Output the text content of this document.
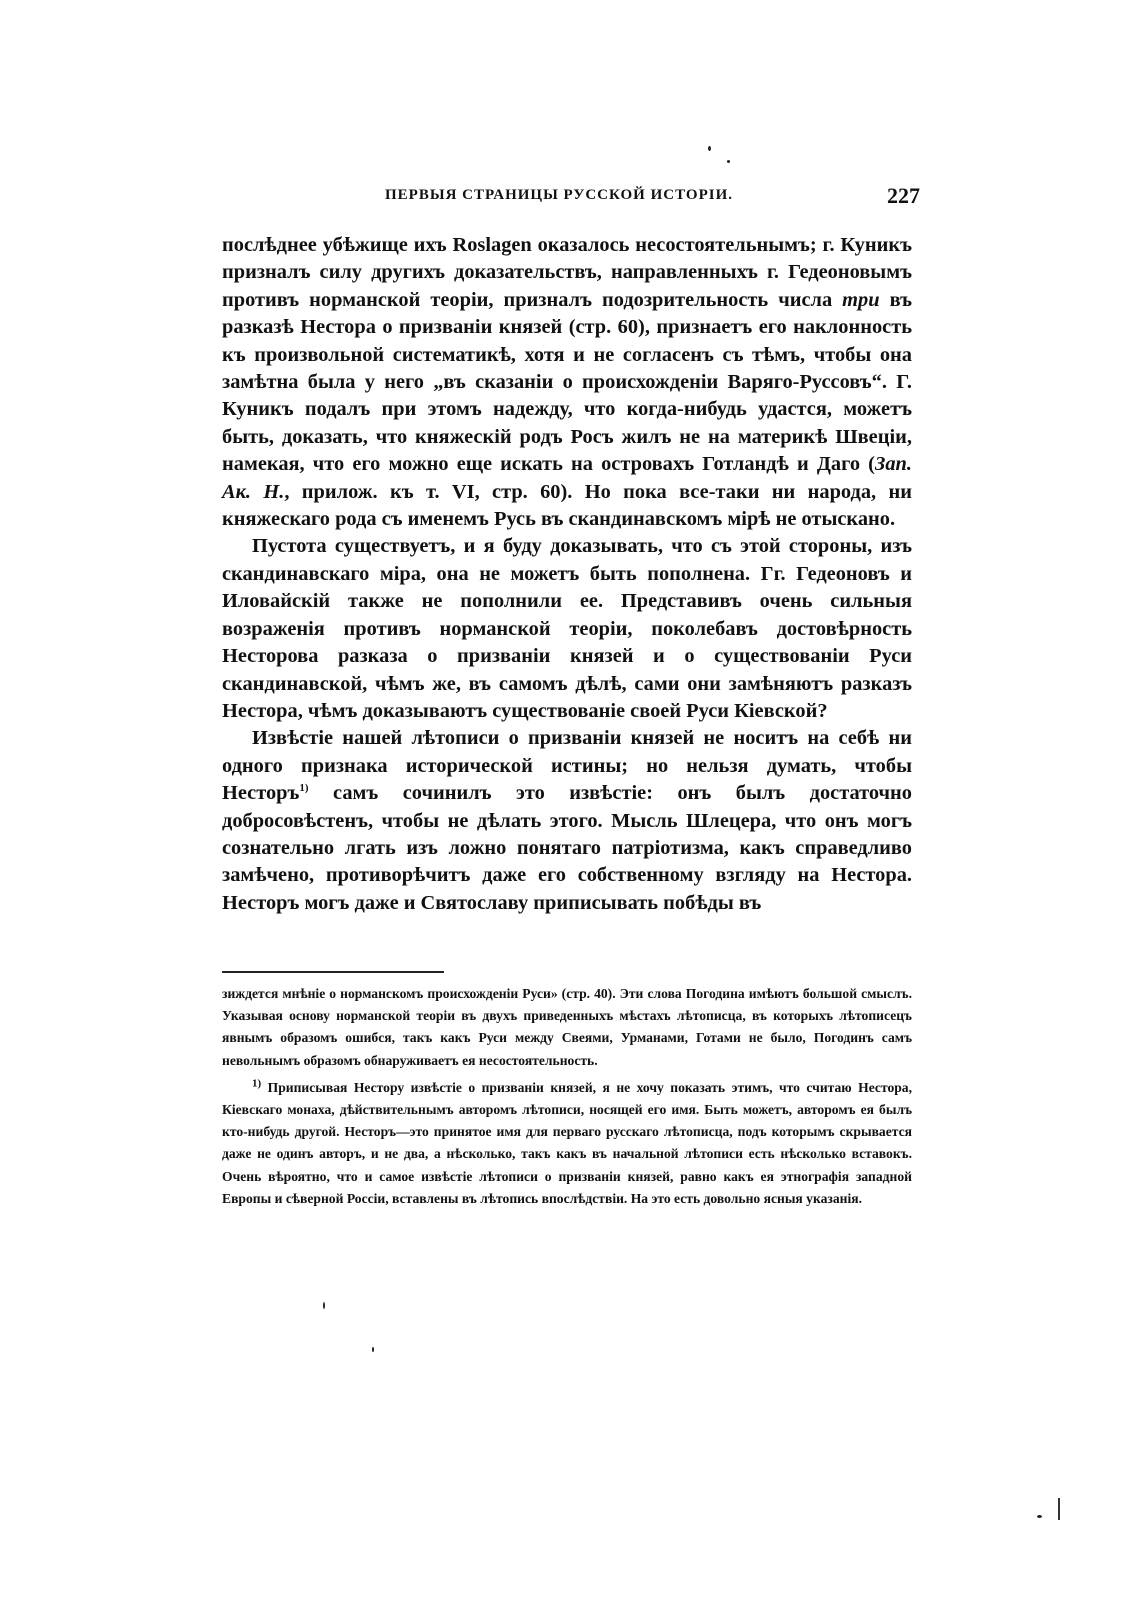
ПЕРВЫЯ СТРАНИЦЫ РУССКОЙ ИСТОРІИ.	227

послѣднее убѣжище ихъ Roslagen оказалось несостоятельнымъ; г. Куникъ призналъ силу другихъ доказательствъ, направленныхъ г. Гедеоновымъ противъ норманской теоріи, призналъ подозрительность числа три въ разказѣ Нестора о призваніи князей (стр. 60), признаетъ его наклонность къ произвольной систематикѣ, хотя и не согласенъ съ тѣмъ, чтобы она замѣтна была у него „въ сказаніи о происхожденіи Варяго-Руссовъ“. Г. Куникъ подалъ при этомъ надежду, что когда-нибудь удастся, можетъ быть, доказать, что княжескій родъ Росъ жилъ не на материкѣ Швеціи, намекая, что его можно еще искать на островахъ Готландѣ и Даго (Зап. Ак. Н., прилож. къ т. VI, стр. 60). Но пока все-таки ни народа, ни княжескаго рода съ именемъ Русь въ скандинавскомъ мірѣ не отыскано.

Пустота существуетъ, и я буду доказывать, что съ этой стороны, изъ скандинавскаго міра, она не можетъ быть пополнена. Гг. Гедеоновъ и Иловайскій также не пополнили ее. Представивъ очень сильныя возраженія противъ норманской теоріи, поколебавъ достовѣрность Несторова разказа о призваніи князей и о существованіи Руси скандинавской, чѣмъ же, въ самомъ дѣлѣ, сами они замѣняютъ разказъ Нестора, чѣмъ доказываютъ существованіе своей Руси Кіевской?

Извѣстіе нашей лѣтописи о призваніи князей не носитъ на себѣ ни одного признака исторической истины; но нельзя думать, чтобы Несторъ$^{1)}$ самъ сочинилъ это извѣстіе: онъ былъ достаточно добросовѣстенъ, чтобы не дѣлать этого. Мысль Шлецера, что онъ могъ сознательно лгать изъ ложно понятаго патріотизма, какъ справедливо замѣчено, противорѣчитъ даже его собственному взгляду на Нестора. Несторъ могъ даже и Святославу приписывать побѣды въ

зиждется мнѣніе о норманскомъ происхожденіи Руси» (стр. 40). Эти слова Погодина имѣютъ большой смыслъ. Указывая основу норманской теоріи въ двухъ приведенныхъ мѣстахъ лѣтописца, въ которыхъ лѣтописецъ явнымъ образомъ ошибся, такъ какъ Руси между Свеями, Урманами, Готами не было, Погодинъ самъ невольнымъ образомъ обнаруживаетъ ея несостоятельность.

$^{1)}$ Приписывая Нестору извѣстіе о призваніи князей, я не хочу показать этимъ, что считаю Нестора, Кіевскаго монаха, дѣйствительнымъ авторомъ лѣтописи, носящей его имя. Быть можетъ, авторомъ ея былъ кто-нибудь другой. Несторъ—это принятое имя для перваго русскаго лѣтописца, подъ которымъ скрывается даже не одинъ авторъ, и не два, а нѣсколько, такъ какъ въ начальной лѣтописи есть нѣсколько вставокъ. Очень вѣроятно, что и самое извѣстіе лѣтописи о призваніи князей, равно какъ ея этнографія западной Европы и сѣверной Россіи, вставлены въ лѣтопись впослѣдствіи. На это есть довольно ясныя указанія.
